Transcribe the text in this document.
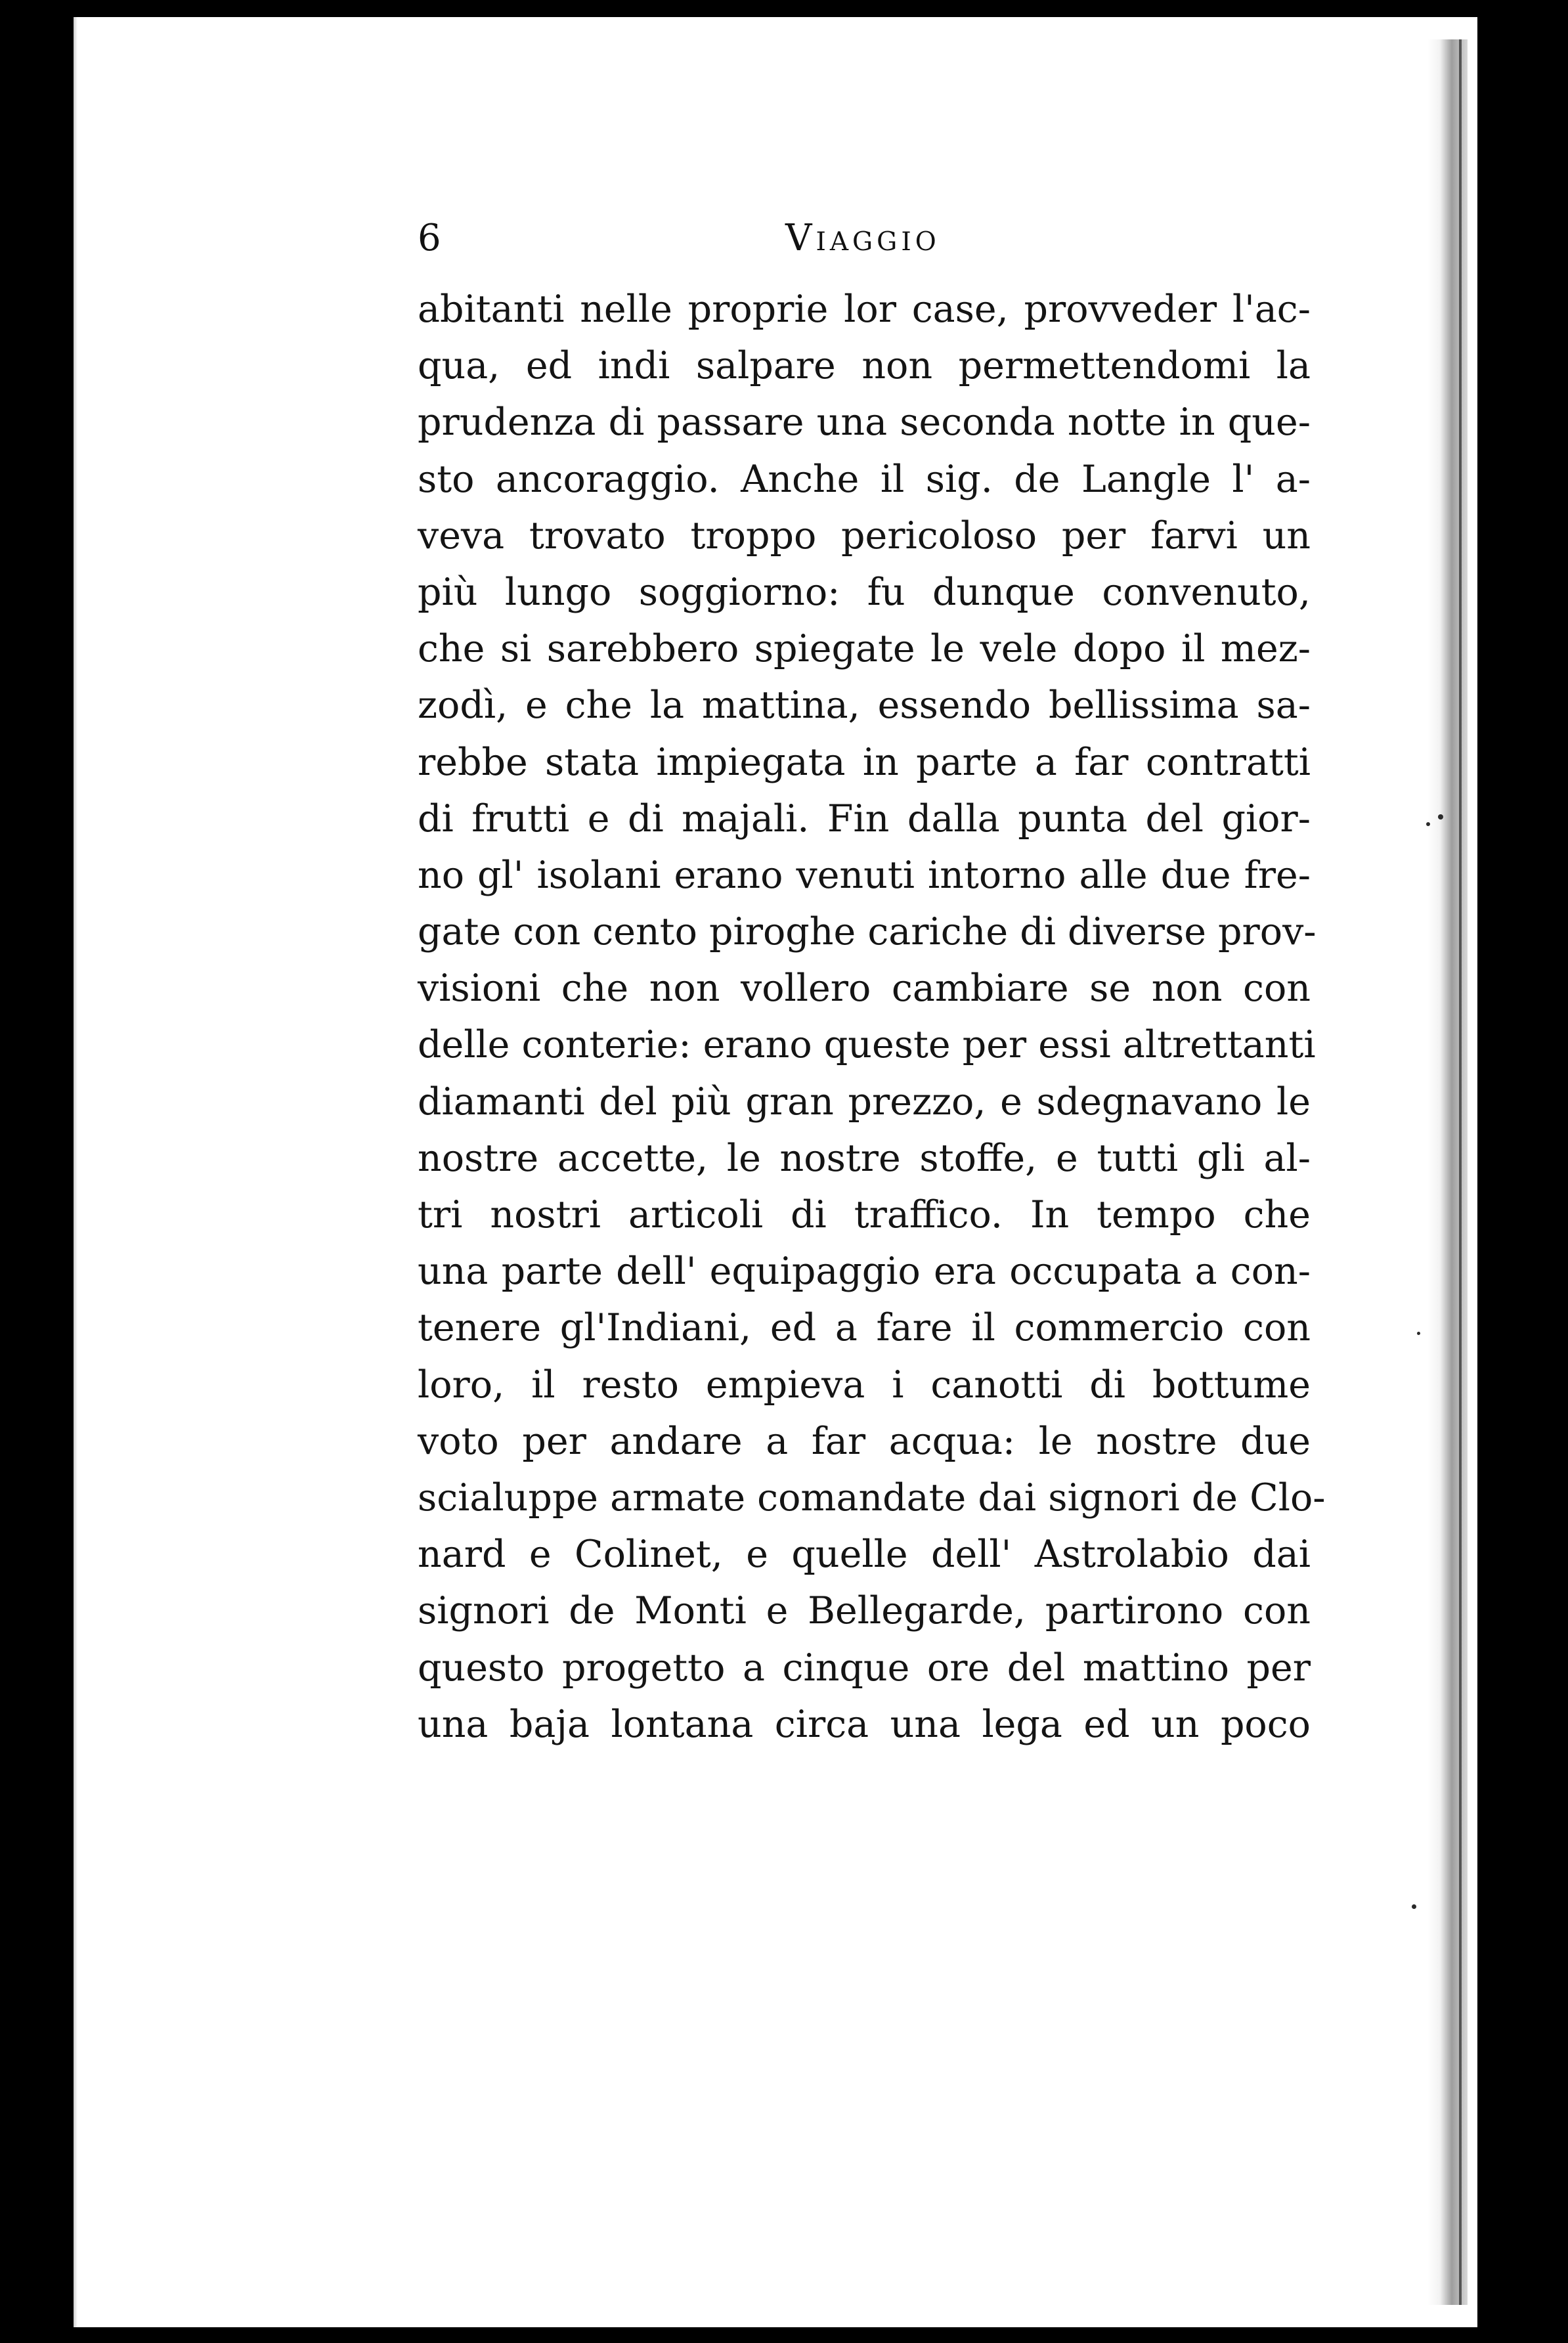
6	Viaggio
abitanti nelle proprie lor case, provveder l'ac-
qua, ed indi salpare non permettendomi la
prudenza di passare una seconda notte in que-
sto ancoraggio. Anche il sig. de Langle l' a-
veva trovato troppo pericoloso per farvi un
più lungo soggiorno: fu dunque convenuto,
che si sarebbero spiegate le vele dopo il mez-
zodì, e che la mattina, essendo bellissima sa-
rebbe stata impiegata in parte a far contratti
di frutti e di majali. Fin dalla punta del gior-
no gl' isolani erano venuti intorno alle due fre-
gate con cento piroghe cariche di diverse prov-
visioni che non vollero cambiare se non con
delle conterie: erano queste per essi altrettanti
diamanti del più gran prezzo, e sdegnavano le
nostre accette, le nostre stoffe, e tutti gli al-
tri nostri articoli di traffico. In tempo che
una parte dell' equipaggio era occupata a con-
tenere gl'Indiani, ed a fare il commercio con
loro, il resto empieva i canotti di bottume
voto per andare a far acqua: le nostre due
scialuppe armate comandate dai signori de Clo-
nard e Colinet, e quelle dell' Astrolabio dai
signori de Monti e Bellegarde, partirono con
questo progetto a cinque ore del mattino per
una baja lontana circa una lega ed un poco
